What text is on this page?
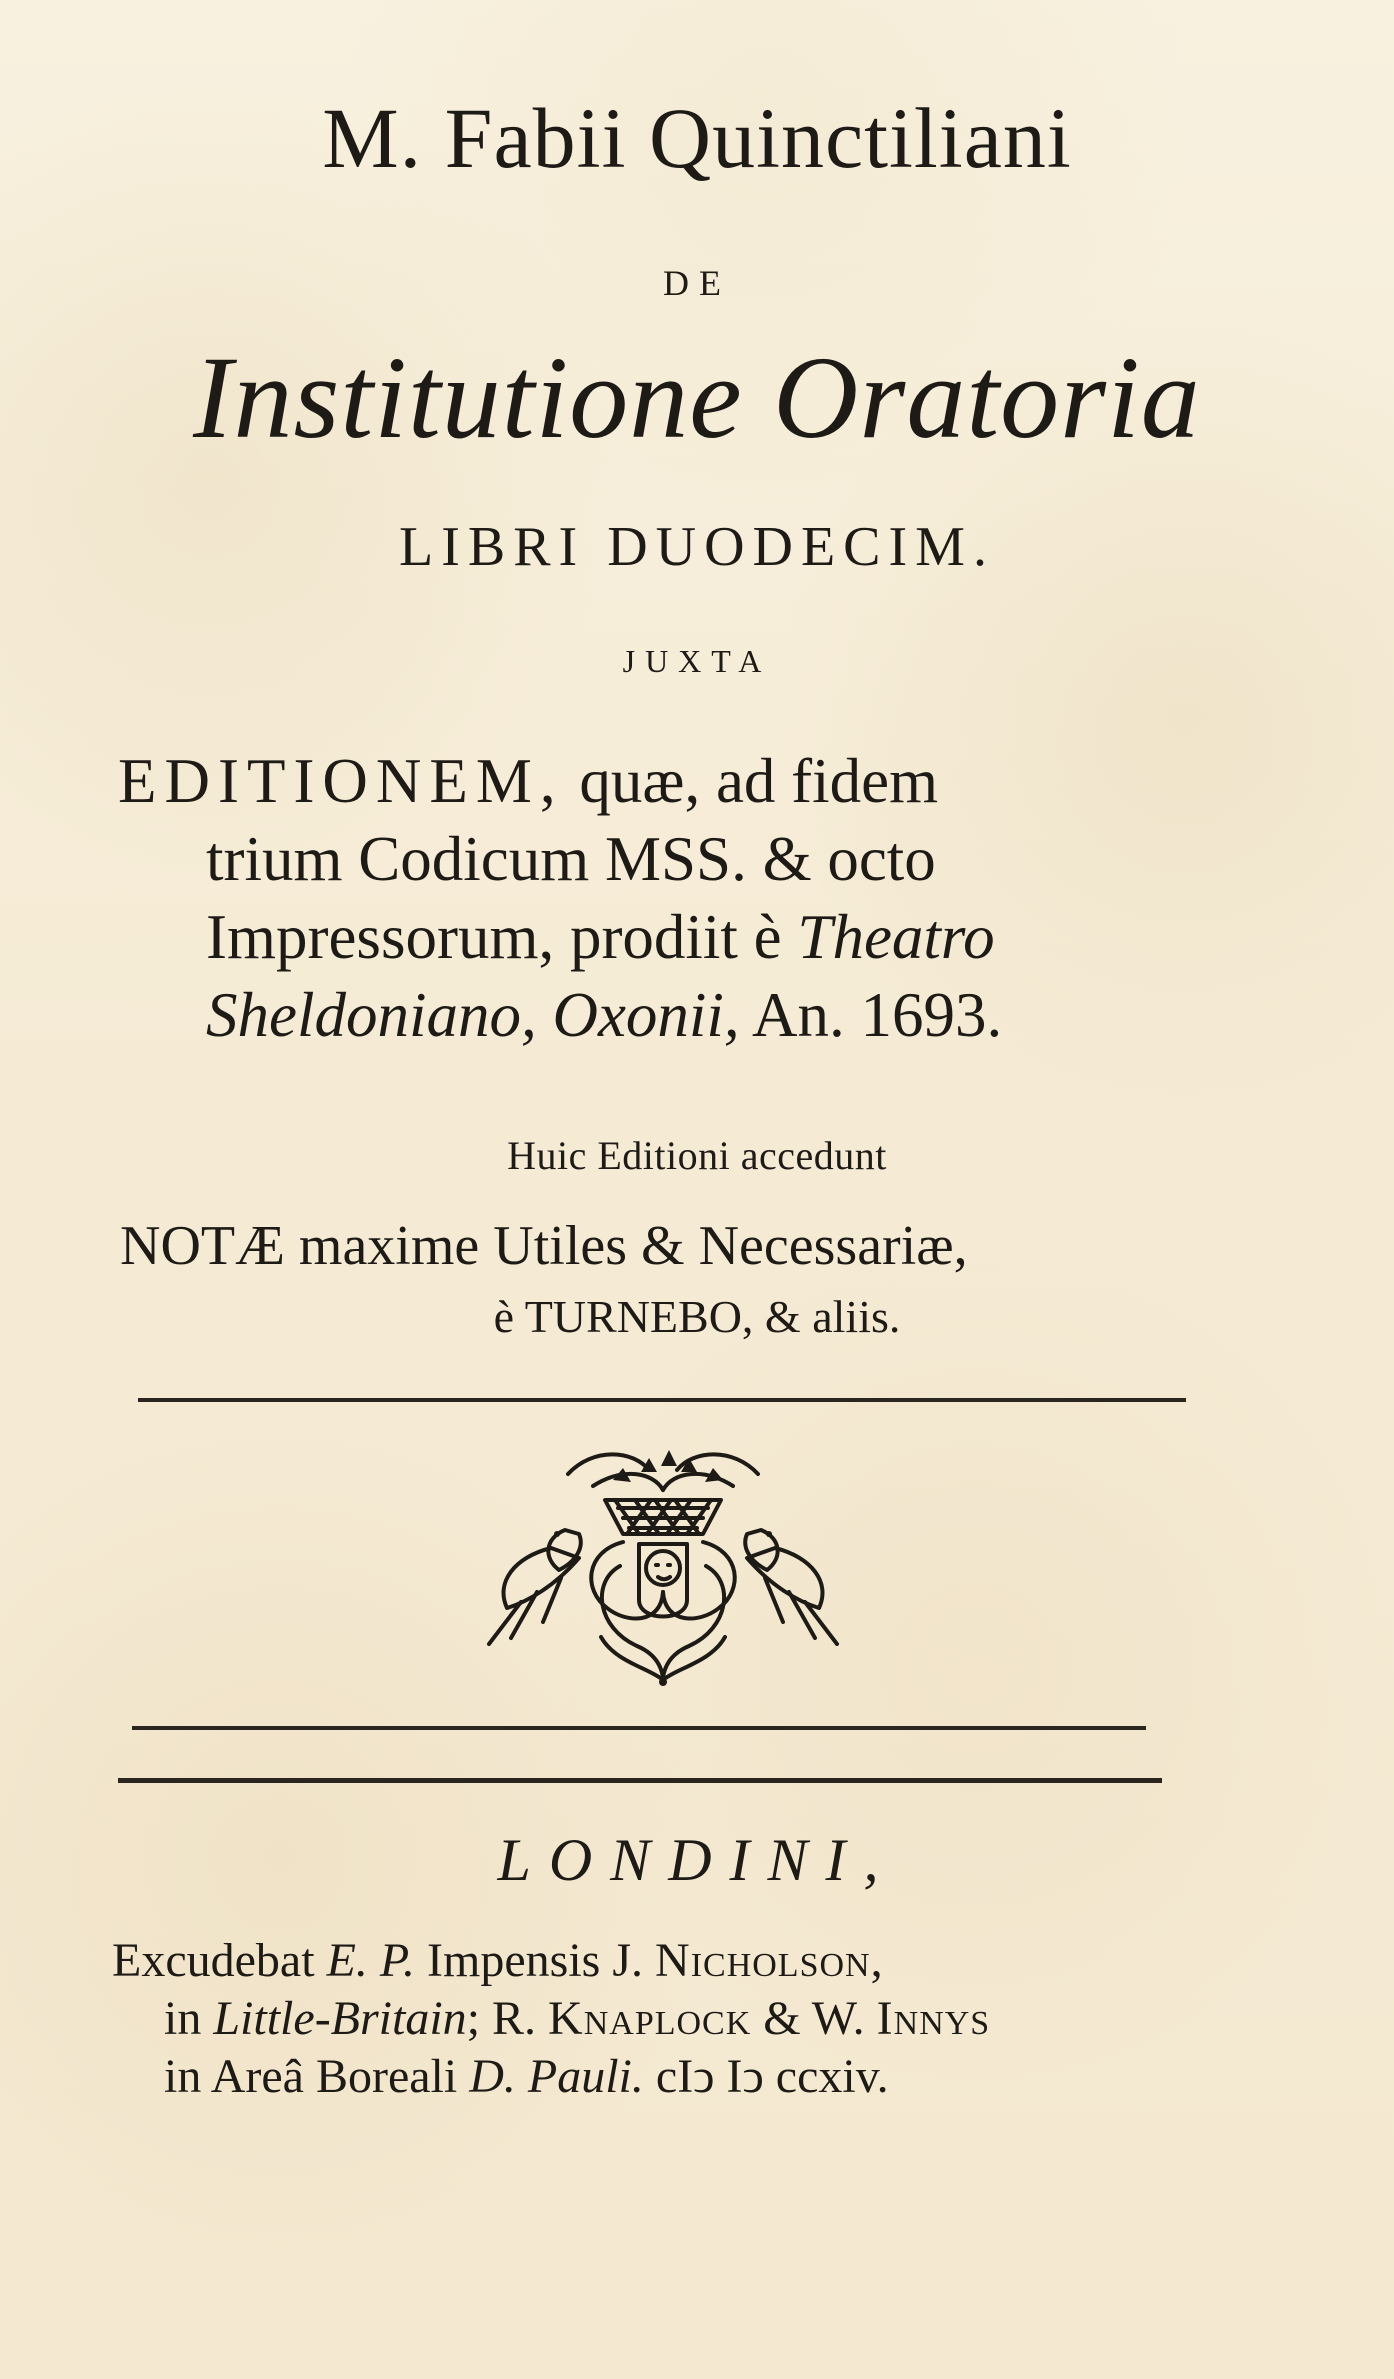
M. Fabii Quinctiliani
DE
Institutione Oratoria
LIBRI DUODECIM.
JUXTA
EDITIONEM, quæ, ad fidem
trium Codicum MSS. & octo
Impressorum, prodiit è Theatro
Sheldoniano, Oxonii, An. 1693.
Huic Editioni accedunt
NOTÆ maxime Utiles & Necessariæ,
è TURNEBO, & aliis.
LONDINI,
Excudebat E. P. Impensis J. Nicholson,
in Little-Britain; R. Knaplock & W. Innys
in Areâ Boreali D. Pauli. cIↄ Iↄ ccxiv.
